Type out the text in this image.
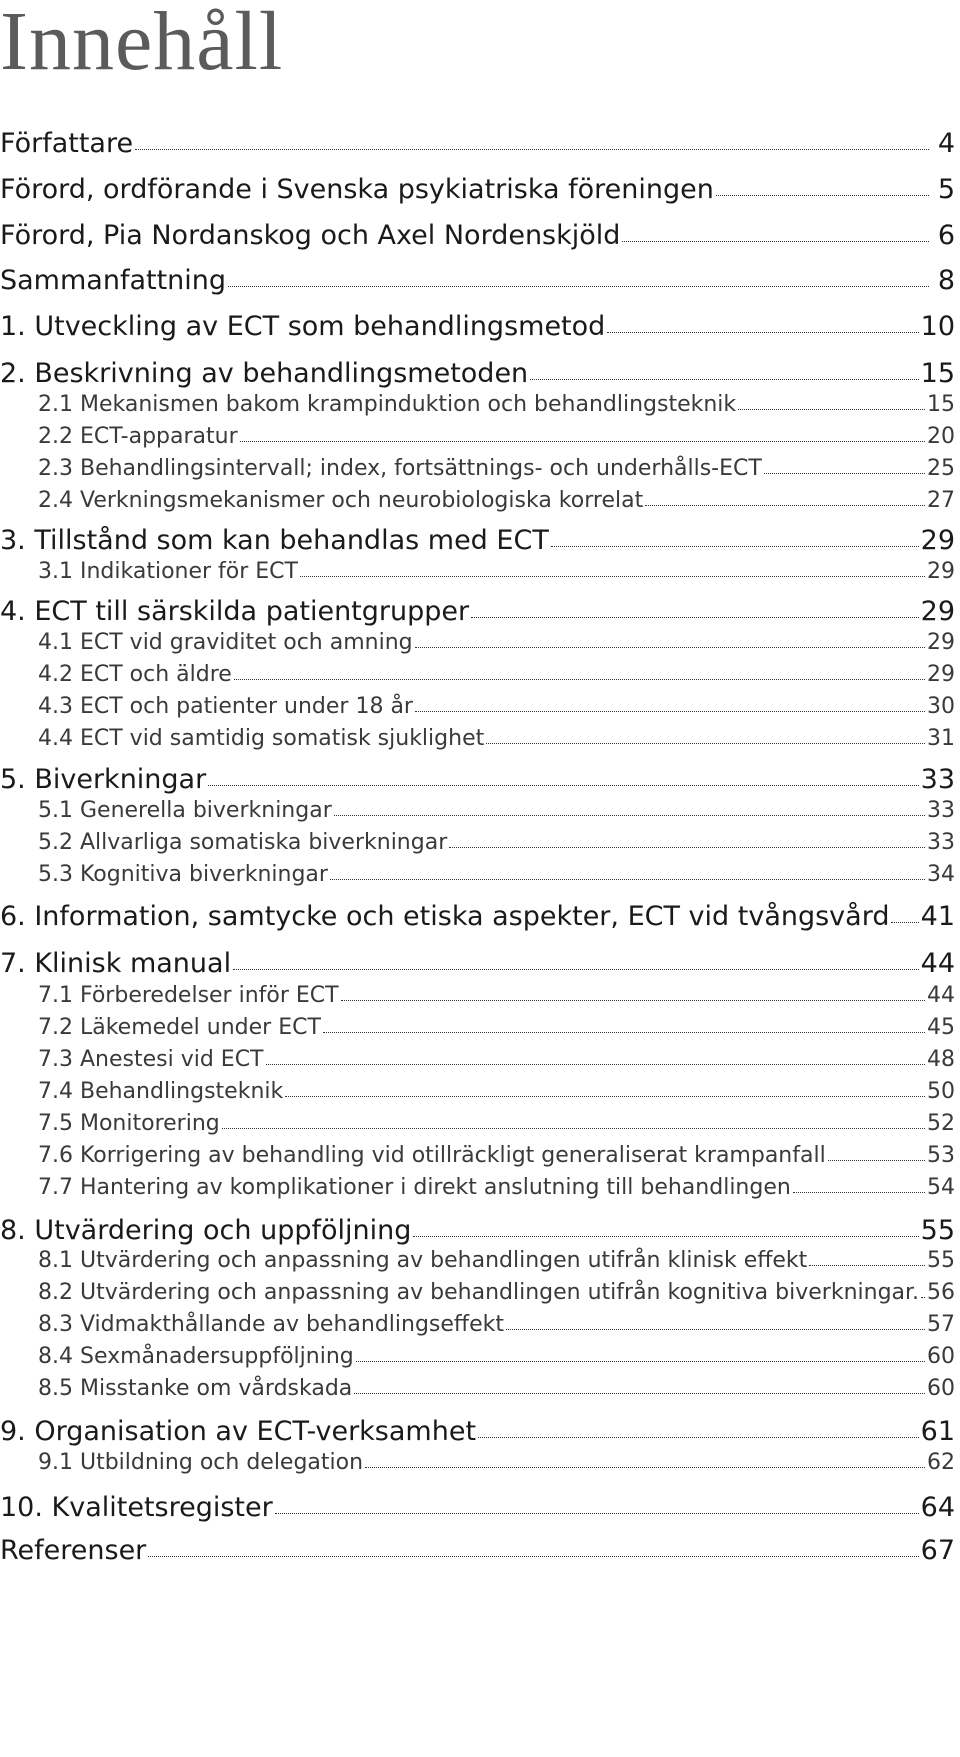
Innehåll
Författare	4
Förord, ordförande i Svenska psykiatriska föreningen	5
Förord, Pia Nordanskog och Axel Nordenskjöld	6
Sammanfattning	8
1. Utveckling av ECT som behandlingsmetod	10
2. Beskrivning av behandlingsmetoden	15
2.1 Mekanismen bakom krampinduktion och behandlingsteknik	15
2.2 ECT-apparatur	20
2.3 Behandlingsintervall; index, fortsättnings- och underhålls-ECT	25
2.4 Verkningsmekanismer och neurobiologiska korrelat	27
3. Tillstånd som kan behandlas med ECT	29
3.1 Indikationer för ECT	29
4. ECT till särskilda patientgrupper	29
4.1 ECT vid graviditet och amning	29
4.2 ECT och äldre	29
4.3 ECT och patienter under 18 år	30
4.4 ECT vid samtidig somatisk sjuklighet	31
5. Biverkningar	33
5.1 Generella biverkningar	33
5.2 Allvarliga somatiska biverkningar	33
5.3 Kognitiva biverkningar	34
6. Information, samtycke och etiska aspekter, ECT vid tvångsvård 41
7. Klinisk manual	44
7.1 Förberedelser inför ECT	44
7.2 Läkemedel under ECT	45
7.3 Anestesi vid ECT	48
7.4 Behandlingsteknik	50
7.5 Monitorering	52
7.6 Korrigering av behandling vid otillräckligt generaliserat krampanfall	53
7.7 Hantering av komplikationer i direkt anslutning till behandlingen	54
8. Utvärdering och uppföljning	55
8.1 Utvärdering och anpassning av behandlingen utifrån klinisk effekt	55
8.2 Utvärdering och anpassning av behandlingen utifrån kognitiva biverkningar. 56
8.3 Vidmakthållande av behandlingseffekt	57
8.4 Sexmånadersuppföljning	60
8.5 Misstanke om vårdskada	60
9. Organisation av ECT-verksamhet	61
9.1 Utbildning och delegation	62
10. Kvalitetsregister	64
Referenser	67
